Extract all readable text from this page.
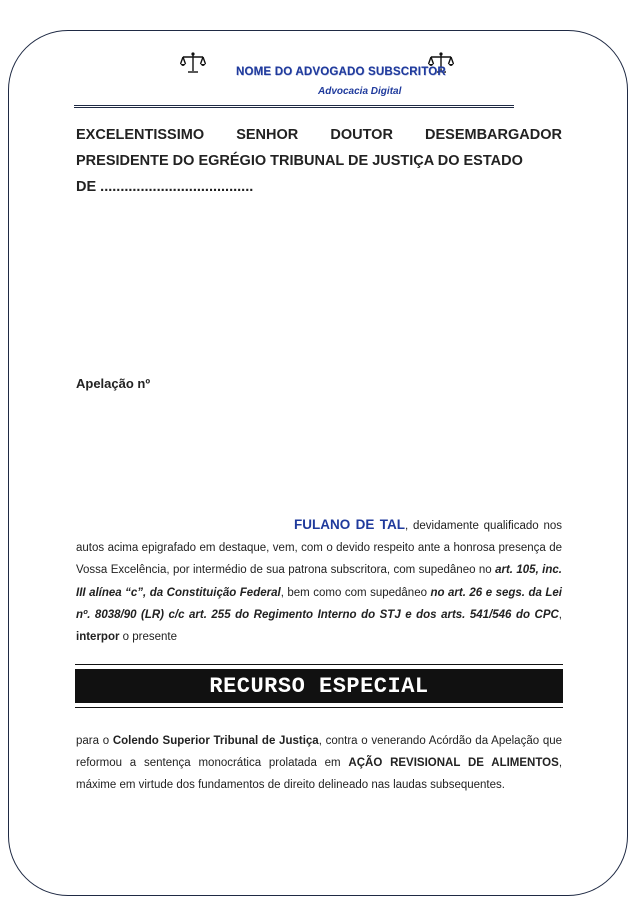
NOME DO ADVOGADO SUBSCRITOR
Advocacia Digital
EXCELENTISSIMO SENHOR DOUTOR DESEMBARGADOR
PRESIDENTE DO EGRÉGIO TRIBUNAL DE JUSTIÇA DO ESTADO
DE ......................................
Apelação nº
FULANO DE TAL, devidamente qualificado nos autos acima epigrafado em destaque, vem, com o devido respeito ante a honrosa presença de Vossa Excelência, por intermédio de sua patrona subscritora, com supedâneo no art. 105, inc. III alínea “c”, da Constituição Federal, bem como com supedâneo no art. 26 e segs. da Lei nº. 8038/90 (LR) c/c art. 255 do Regimento Interno do STJ e dos arts. 541/546 do CPC, interpor o presente
RECURSO ESPECIAL
para o Colendo Superior Tribunal de Justiça, contra o venerando Acórdão da Apelação que reformou a sentença monocrática prolatada em AÇÃO REVISIONAL DE ALIMENTOS, máxime em virtude dos fundamentos de direito delineado nas laudas subsequentes.
